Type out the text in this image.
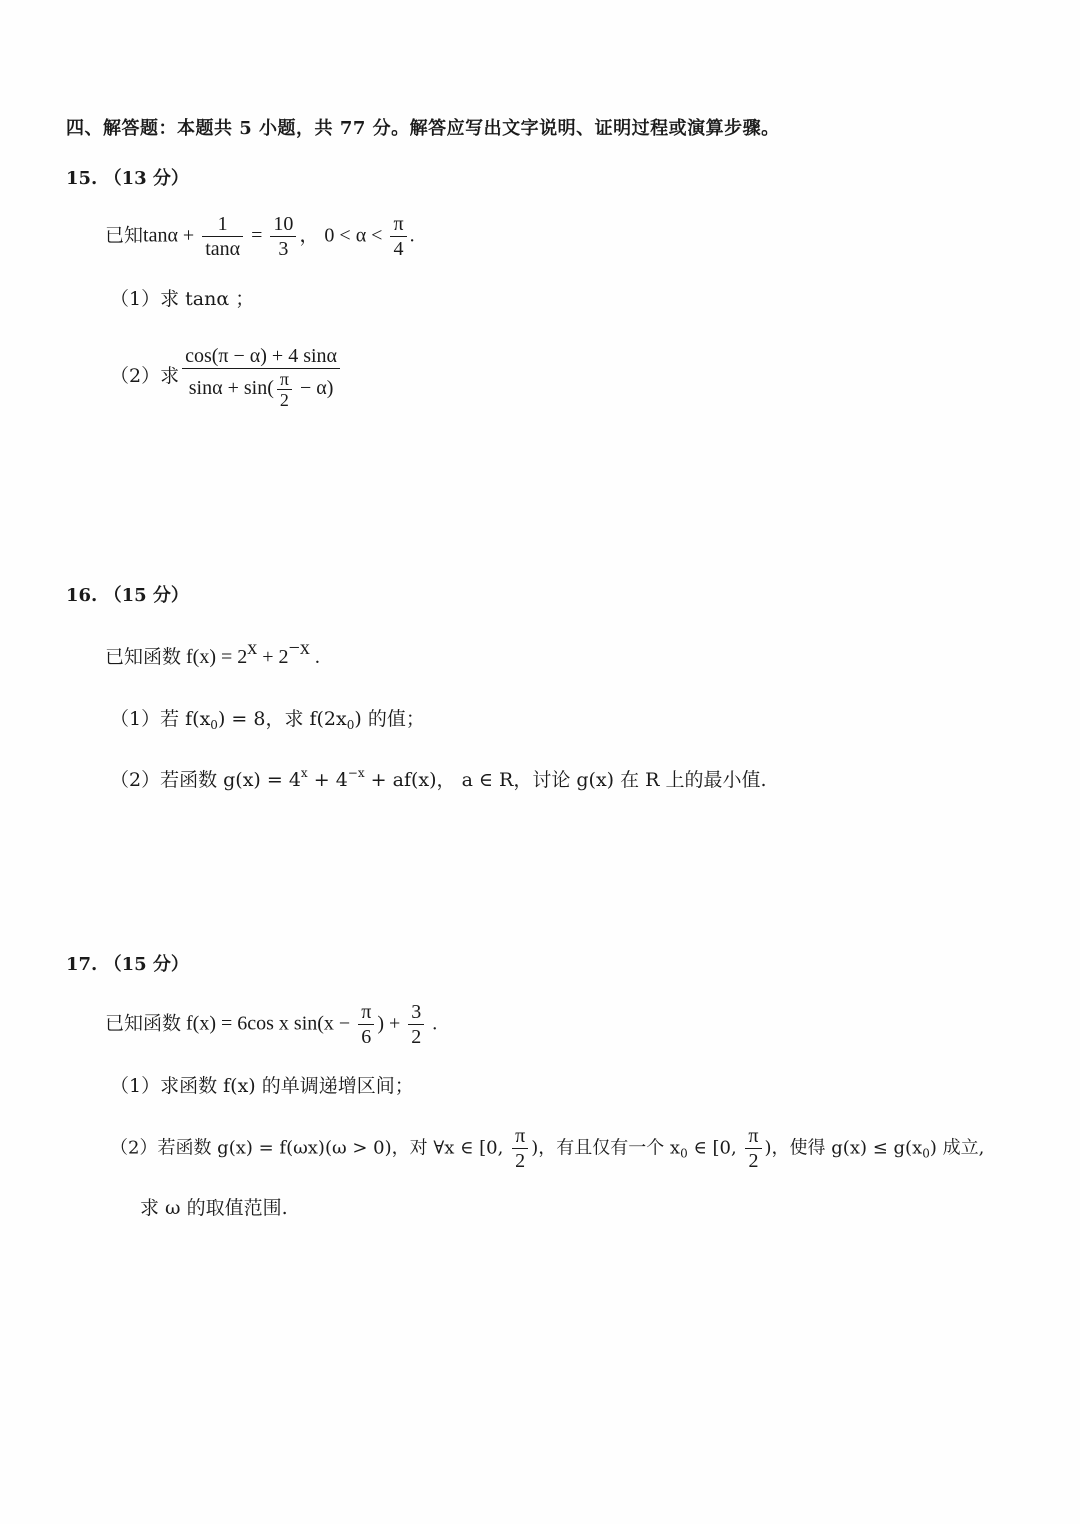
四、解答题：本题共 5 小题，共 77 分。解答应写出文字说明、证明过程或演算步骤。
15. （13 分）
已知$\tan\alpha + \frac{1}{\tan\alpha} = \frac{10}{3}$ ， $0 < \alpha < \frac{\pi}{4}$ .
（1）求 tanα ；
（2）求 $\frac{\cos(\pi - \alpha) + 4 \sin\alpha}{\sin\alpha + \sin( \frac{\pi}{2} - \alpha)}$
16. （15 分）
已知函数 $f(x) = 2^x + 2^{-x}$ .
（1）若 $f(x_0) = 8$，求 $f(2x_0)$ 的值；
（2）若函数 $g(x) = 4^x + 4^{-x} + af(x)$， a ∈ R，讨论 g(x) 在 R 上的最小值.
17. （15 分）
已知函数 f(x) = 6cos x $\sin(x - \frac{\pi}{6}$ ) + $\frac{3}{2}$ .
（1）求函数 f(x) 的单调递增区间；
（2）若函数 g(x) = f(ωx)(ω > 0)，对 ∀x ∈ [0, $\frac{\pi}{2}$ )，有且仅有一个 $x_0$ ∈ [0, $\frac{\pi}{2}$ )，使得 $g(x) \le g(x_0)$ 成立,
求 ω 的取值范围.
